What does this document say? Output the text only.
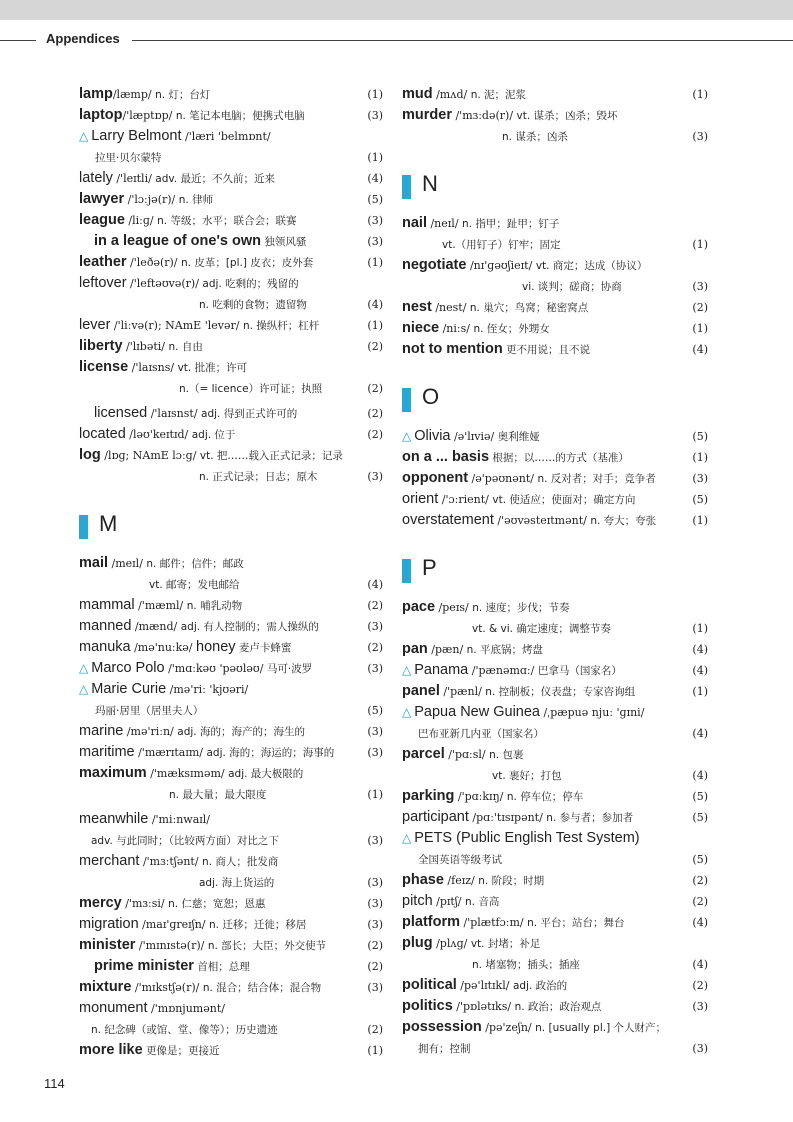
Appendices
lamp/læmp/ n. 灯；台灯	(1)
laptop/'læptɒp/ n. 笔记本电脑；便携式电脑	(3)
△ Larry Belmont /'læri 'belmɒnt/
拉里·贝尔蒙特	(1)
lately /'leɪtli/ adv. 最近；不久前；近来	(4)
lawyer /'lɔːjə(r)/ n. 律师	(5)
league /liːɡ/ n. 等级；水平；联合会；联赛	(3)
in a league of one's own 独领风骚	(3)
leather /'leðə(r)/ n. 皮革；[pl.] 皮衣；皮外套	(1)
leftover /'leftəʊvə(r)/ adj. 吃剩的；残留的
n. 吃剩的食物；遗留物	(4)
lever /'liːvə(r); NAmE 'levər/ n. 操纵杆；杠杆	(1)
liberty /'lɪbəti/ n. 自由	(2)
license /'laɪsns/ vt. 批准；许可
n.（= licence）许可证；执照	(2)
licensed /'laɪsnst/ adj. 得到正式许可的	(2)
located /ləʊ'keɪtɪd/ adj. 位于	(2)
log /lɒɡ; NAmE lɔːɡ/ vt. 把……载入正式记录；记录
n. 正式记录；日志；原木	(3)
M
mail /meɪl/ n. 邮件；信件；邮政
vt. 邮寄；发电邮给	(4)
mammal /'mæml/ n. 哺乳动物	(2)
manned /mænd/ adj. 有人控制的；需人操纵的	(3)
manuka /mə'nuːkə/ honey 麦卢卡蜂蜜	(2)
△ Marco Polo /'mɑːkəʊ 'pəʊləʊ/ 马可·波罗	(3)
△ Marie Curie /mə'riː 'kjʊəri/
玛丽·居里（居里夫人）	(5)
marine /mə'riːn/ adj. 海的；海产的；海生的	(3)
maritime /'mærɪtaɪm/ adj. 海的；海运的；海事的	(3)
maximum /'mæksɪməm/ adj. 最大极限的
n. 最大量；最大限度	(1)
meanwhile /'miːnwaɪl/
adv. 与此同时；（比较两方面）对比之下	(3)
merchant /'mɜːtʃənt/ n. 商人；批发商
adj. 海上货运的	(3)
mercy /'mɜːsi/ n. 仁慈；宽恕；恩惠	(3)
migration /maɪ'ɡreɪʃn/ n. 迁移；迁徙；移居	(3)
minister /'mɪnɪstə(r)/ n. 部长；大臣；外交使节	(2)
prime minister 首相；总理	(2)
mixture /'mɪkstʃə(r)/ n. 混合；结合体；混合物	(3)
monument /'mɒnjumənt/
n. 纪念碑（或馆、堂、像等）；历史遗迹	(2)
more like 更像是；更接近	(1)
mud /mʌd/ n. 泥；泥浆	(1)
murder /'mɜːdə(r)/ vt. 谋杀；凶杀；毁坏
n. 谋杀；凶杀	(3)
N
nail /neɪl/ n. 指甲；趾甲；钉子
vt.（用钉子）钉牢；固定	(1)
negotiate /nɪ'ɡəʊʃieɪt/ vt. 商定；达成（协议）
vi. 谈判；磋商；协商	(3)
nest /nest/ n. 巢穴；鸟窝；秘密窝点	(2)
niece /niːs/ n. 侄女；外甥女	(1)
not to mention 更不用说；且不说	(4)
O
△ Olivia /ə'lɪviə/ 奥利维娅	(5)
on a ... basis 根据；以……的方式（基准）	(1)
opponent /ə'pəʊnənt/ n. 反对者；对手；竞争者	(3)
orient /'ɔːrient/ vt. 使适应；使面对；确定方向	(5)
overstatement /'əʊvəsteɪtmənt/ n. 夸大；夸张	(1)
P
pace /peɪs/ n. 速度；步伐；节奏
vt. & vi. 确定速度；调整节奏	(1)
pan /pæn/ n. 平底锅；烤盘	(4)
△ Panama /'pænəmɑː/ 巴拿马（国家名）	(4)
panel /'pænl/ n. 控制板；仪表盘；专家咨询组	(1)
△ Papua New Guinea /ˌpæpuə njuː 'ɡɪni/
巴布亚新几内亚（国家名）	(4)
parcel /'pɑːsl/ n. 包裹
vt. 裹好；打包	(4)
parking /'pɑːkɪŋ/ n. 停车位；停车	(5)
participant /pɑː'tɪsɪpənt/ n. 参与者；参加者	(5)
△ PETS (Public English Test System)
全国英语等级考试	(5)
phase /feɪz/ n. 阶段；时期	(2)
pitch /pɪtʃ/ n. 音高	(2)
platform /'plætfɔːm/ n. 平台；站台；舞台	(4)
plug /plʌɡ/ vt. 封堵；补足
n. 堵塞物；插头；插座	(4)
political /pə'lɪtɪkl/ adj. 政治的	(2)
politics /'pɒlətɪks/ n. 政治；政治观点	(3)
possession /pə'zeʃn/ n. [usually pl.] 个人财产；
拥有；控制	(3)
114
